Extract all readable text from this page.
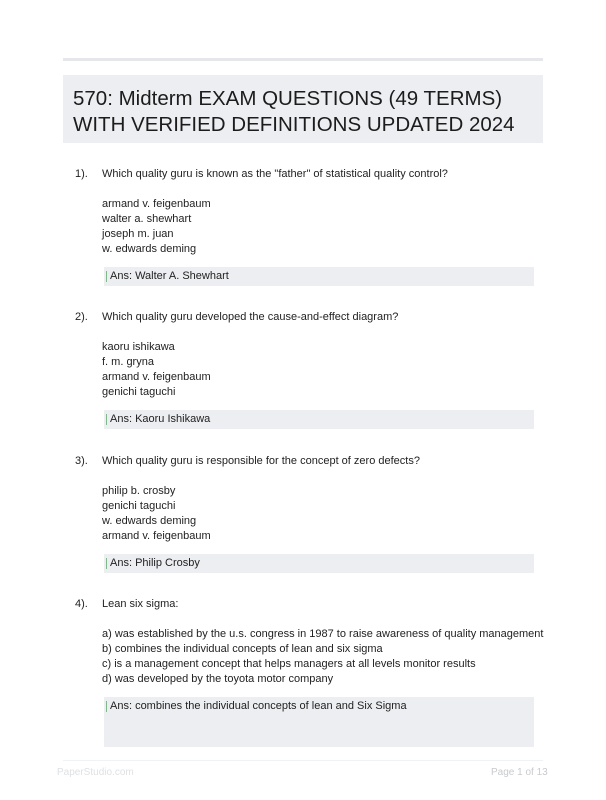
570: Midterm EXAM QUESTIONS (49 TERMS) WITH VERIFIED DEFINITIONS UPDATED 2024
1). Which quality guru is known as the "father" of statistical quality control?
armand v. feigenbaum
walter a. shewhart
joseph m. juan
w. edwards deming
Ans: Walter A. Shewhart
2). Which quality guru developed the cause-and-effect diagram?
kaoru ishikawa
f. m. gryna
armand v. feigenbaum
genichi taguchi
Ans: Kaoru Ishikawa
3). Which quality guru is responsible for the concept of zero defects?
philip b. crosby
genichi taguchi
w. edwards deming
armand v. feigenbaum
Ans: Philip Crosby
4). Lean six sigma:
a) was established by the u.s. congress in 1987 to raise awareness of quality management
b) combines the individual concepts of lean and six sigma
c) is a management concept that helps managers at all levels monitor results
d) was developed by the toyota motor company
Ans: combines the individual concepts of lean and Six Sigma
PaperStudio.com	Page 1 of 13
